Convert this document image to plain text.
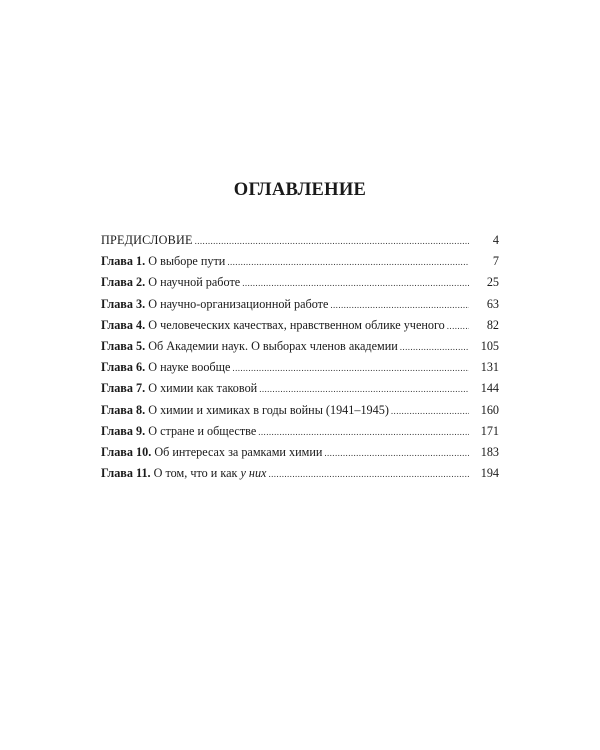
ОГЛАВЛЕНИЕ
ПРЕДИСЛОВИЕ .....	4
Глава 1. О выборе пути .....	7
Глава 2. О научной работе .....	25
Глава 3. О научно-организационной работе .....	63
Глава 4. О человеческих качествах, нравственном облике ученого .....	82
Глава 5. Об Академии наук. О выборах членов академии .....	105
Глава 6. О науке вообще .....	131
Глава 7. О химии как таковой .....	144
Глава 8. О химии и химиках в годы войны (1941–1945) .....	160
Глава 9. О стране и обществе .....	171
Глава 10. Об интересах за рамками химии .....	183
Глава 11. О том, что и как у них .....	194
